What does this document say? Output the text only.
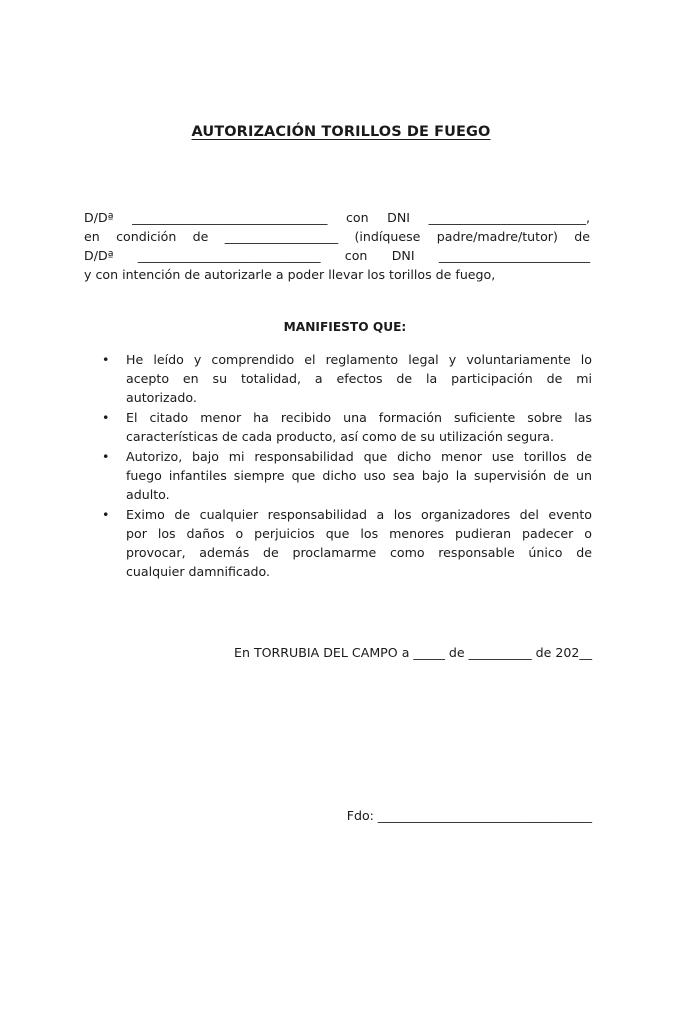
AUTORIZACIÓN TORILLOS DE FUEGO
D/Dª _______________________________ con DNI _________________________,
en condición de __________________ (indíquese padre/madre/tutor) de
D/Dª _____________________________ con DNI ________________________
y con intención de autorizarle a poder llevar los torillos de fuego,
MANIFIESTO QUE:
• He leído y comprendido el reglamento legal y voluntariamente lo
acepto en su totalidad, a efectos de la participación de mi
autorizado.
• El citado menor ha recibido una formación suficiente sobre las
características de cada producto, así como de su utilización segura.
• Autorizo, bajo mi responsabilidad que dicho menor use torillos de
fuego infantiles siempre que dicho uso sea bajo la supervisión de un
adulto.
• Eximo de cualquier responsabilidad a los organizadores del evento
por los daños o perjuicios que los menores pudieran padecer o
provocar, además de proclamarme como responsable único de
cualquier damnificado.
En TORRUBIA DEL CAMPO a _____ de __________ de 202__
Fdo: __________________________________
